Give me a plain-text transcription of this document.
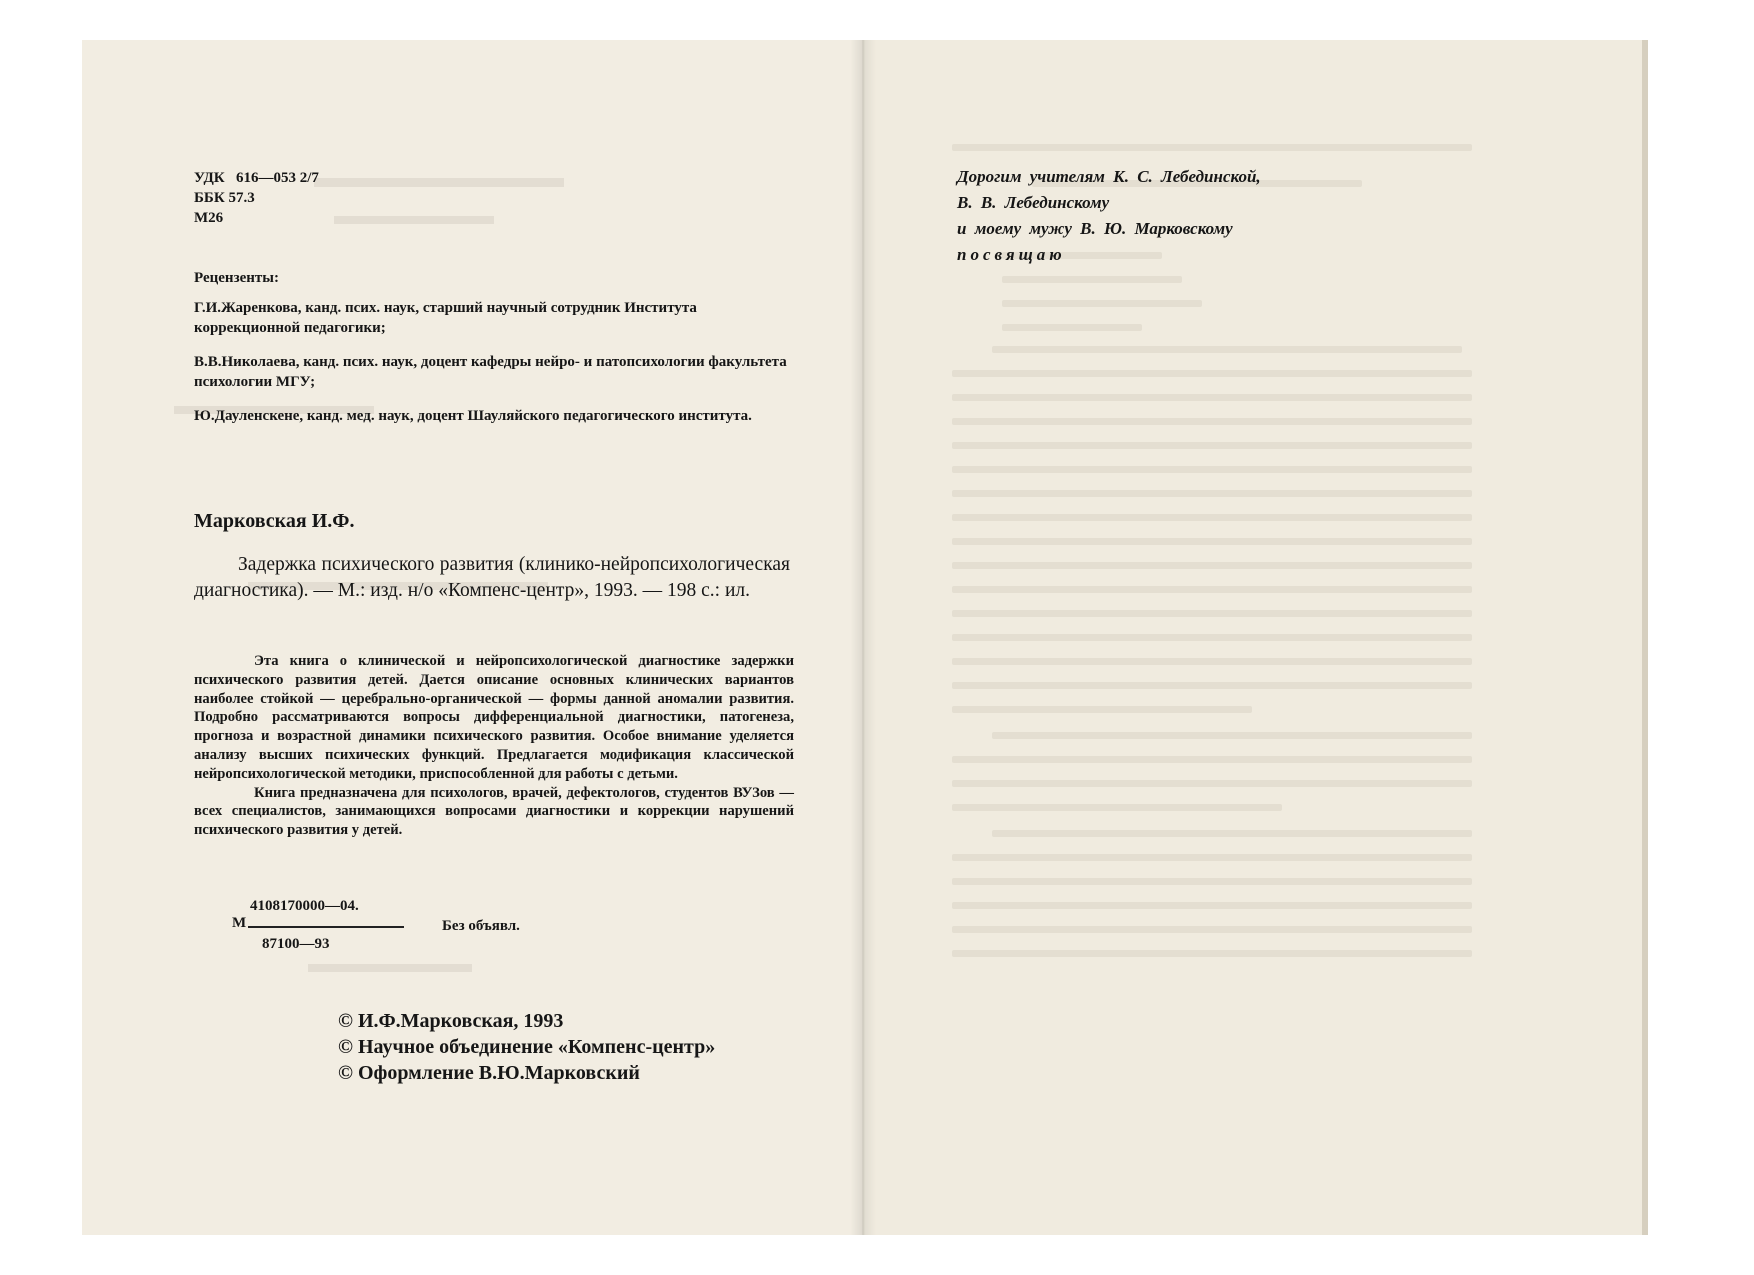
УДК   616—053 2/7
ББК 57.3
М26
Рецензенты:
Г.И.Жаренкова, канд. псих. наук, старший научный сотрудник Института коррекционной педагогики;
В.В.Николаева, канд. псих. наук, доцент кафедры нейро- и патопсихологии факультета психологии МГУ;
Ю.Дауленскене, канд. мед. наук, доцент Шауляйского педагогического института.
Марковская И.Ф.
Задержка психического развития (клинико-нейропсихологическая диагностика). — М.: изд. н/о «Компенс-центр», 1993. — 198 с.: ил.

Эта книга о клинической и нейропсихологической диагностике задержки психического развития детей. Дается описание основных клинических вариантов наиболее стойкой — церебрально-органической — формы данной аномалии развития. Подробно рассматриваются вопросы дифференциальной диагностики, патогенеза, прогноза и возрастной динамики психического развития. Особое внимание уделяется анализу высших психических функций. Предлагается модификация классической нейропсихологической методики, приспособленной для работы с детьми.

Книга предназначена для психологов, врачей, дефектологов, студентов ВУЗов — всех специалистов, занимающихся вопросами диагностики и коррекции нарушений психического развития у детей.

М
4108170000—04.
87100—93
Без объявл.
© И.Ф.Марковская, 1993
© Научное объединение «Компенс-центр»
© Оформление В.Ю.Марковский
Дорогим учителям К. С. Лебединской,
В. В. Лебединскому
и моему мужу В. Ю. Марковскому
посвящаю
